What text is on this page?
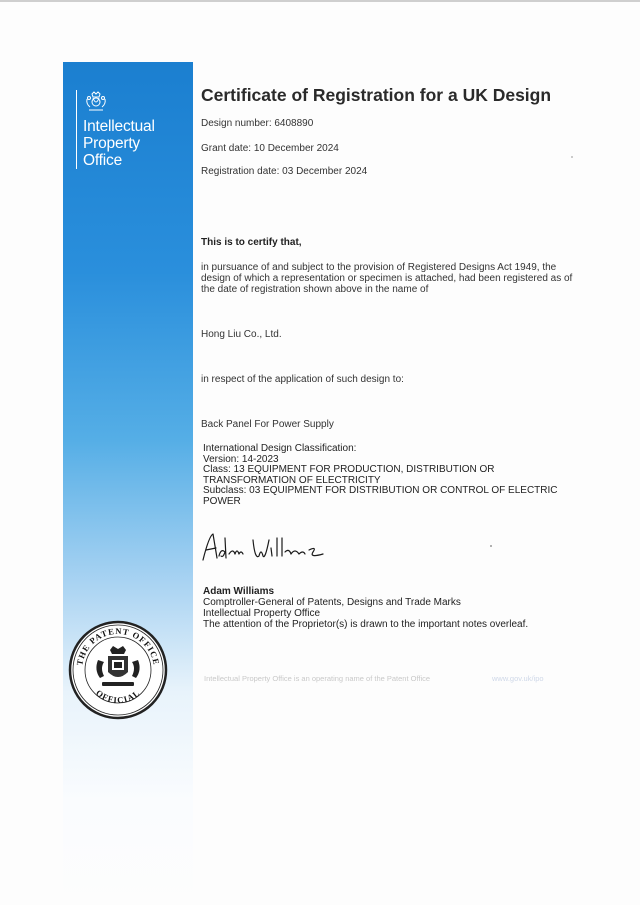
Intellectual
Property
Office
THE PATENT OFFICE
OFFICIAL
Certificate of Registration for a UK Design
Design number: 6408890
Grant date: 10 December 2024
Registration date: 03 December 2024
This is to certify that,
in pursuance of and subject to the provision of Registered Designs Act 1949, the design of which a representation or specimen is attached, had been registered as of the date of registration shown above in the name of
Hong Liu Co., Ltd.
in respect of the application of such design to:
Back Panel For Power Supply
International Design Classification:
Version: 14-2023
Class: 13 EQUIPMENT FOR PRODUCTION, DISTRIBUTION OR TRANSFORMATION OF ELECTRICITY
Subclass: 03 EQUIPMENT FOR DISTRIBUTION OR CONTROL OF ELECTRIC POWER
Adam Williams
Comptroller-General of Patents, Designs and Trade Marks
Intellectual Property Office
The attention of the Proprietor(s) is drawn to the important notes overleaf.
Intellectual Property Office is an operating name of the Patent Office	www.gov.uk/ipo
